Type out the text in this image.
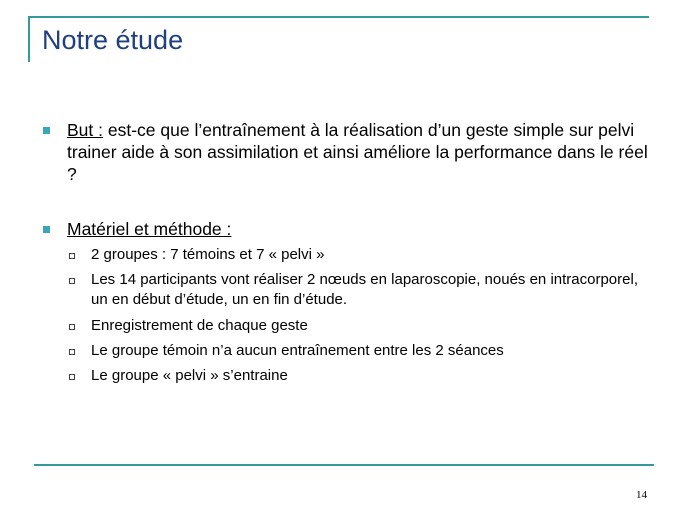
Notre étude
But : est-ce que l’entraînement à la réalisation d’un geste simple sur pelvi trainer aide à son assimilation et ainsi améliore la performance dans le réel ?
Matériel et méthode :
2 groupes : 7 témoins et 7 « pelvi »
Les 14 participants vont réaliser 2 nœuds en laparoscopie, noués en intracorporel, un en début d’étude, un en fin d’étude.
Enregistrement de chaque geste
Le groupe témoin n’a aucun entraînement entre les 2 séances
Le groupe « pelvi » s’entraine
14
